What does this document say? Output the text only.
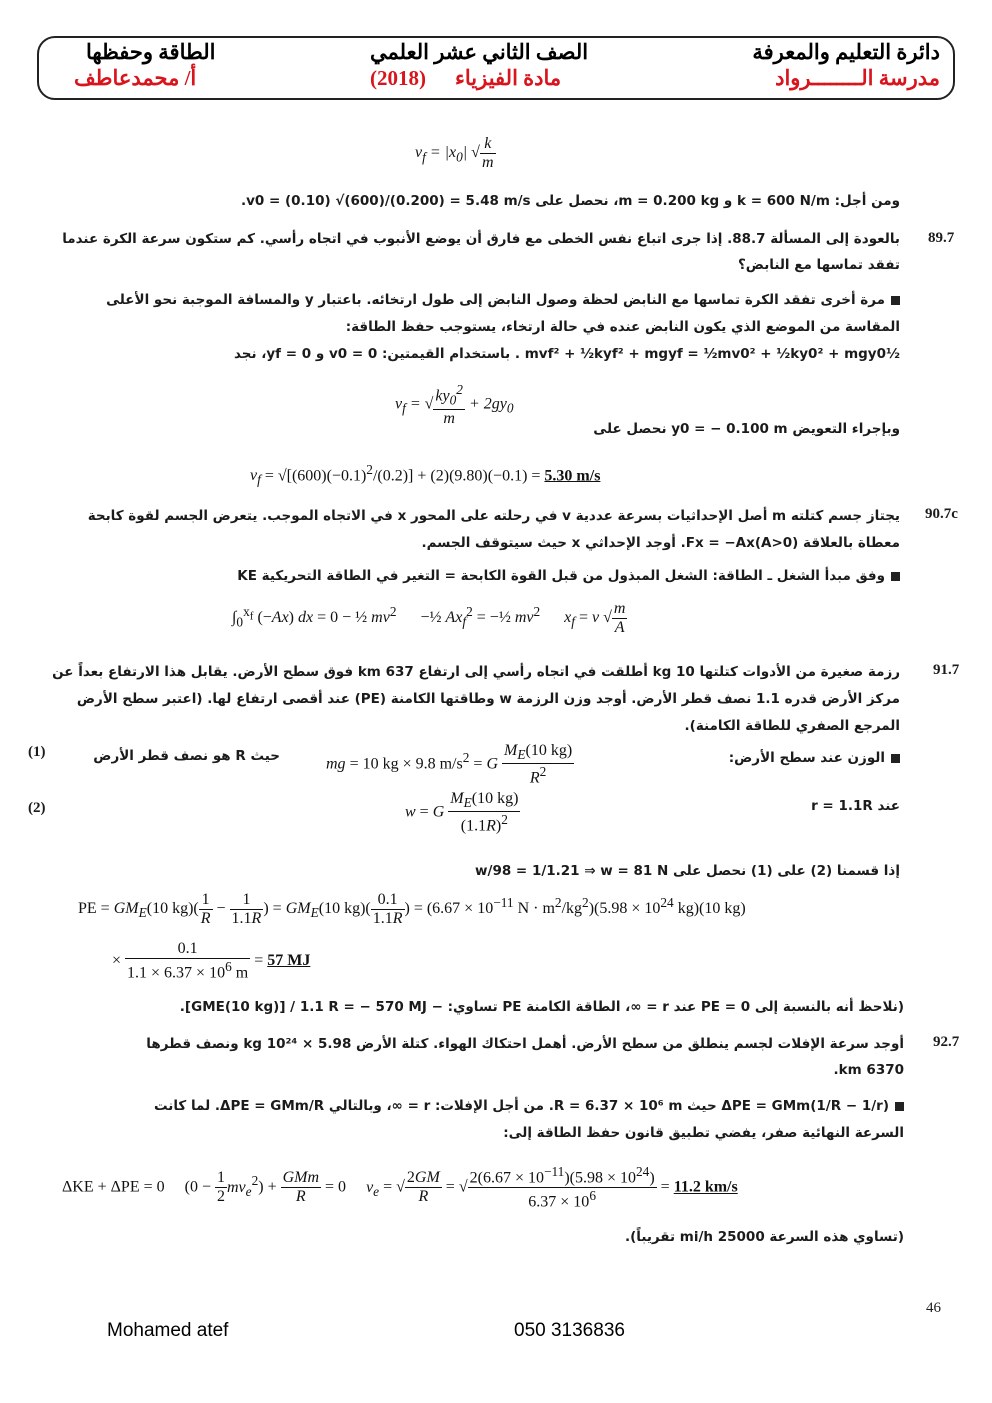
دائرة التعليم والمعرفة
مدرسة الــــــــرواد
الصف الثاني عشر العلمي
مادة الفيزياء
(2018)
الطاقة وحفظها
أ/ محمدعاطف
$v_f = |x_0|$ √ $\frac{k}{m}$
ومن أجل: k = 600 N/m و m = 0.200 kg، نحصل على v0 = (0.10) √(600)/(0.200) = 5.48 m/s.
89.7
بالعودة إلى المسألة 88.7. إذا جرى اتباع نفس الخطى مع فارق أن يوضع الأنبوب في اتجاه رأسي. كم ستكون سرعة الكرة عندما
تفقد تماسها مع النابض؟
مرة أخرى تفقد الكرة تماسها مع النابض لحظة وصول النابض إلى طول ارتخائه. باعتبار y والمسافة الموجبة نحو الأعلى
المقاسة من الموضع الذي يكون النابض عنده في حالة ارتخاء، يستوجب حفظ الطاقة:
½mvf² + ½kyf² + mgyf = ½mv0² + ½ky0² + mgy0 . باستخدام القيمتين: v0 = 0 و yf = 0، نجد
$v_f$ = √ $\frac{ky_0^2}{m} + 2gy_0$
وبإجراء التعويض y0 = − 0.100 m نحصل على
$v_f = √[(600)(-0.1)^2/(0.2)] + (2)(9.80)(-0.1) = 5.30$ m/s
90.7c
يجتاز جسم كتلته m أصل الإحداثيات بسرعة عددية v في رحلته على المحور x في الاتجاه الموجب. يتعرض الجسم لقوة كابحة
معطاة بالعلاقة Fx = −Ax(A>0). أوجد الإحداثي x حيث سيتوقف الجسم.
وفق مبدأ الشغل ـ الطاقة: الشغل المبذول من قبل القوة الكابحة = التغير في الطاقة التحريكية KE
$\int_0^{x_f}$ (−Ax) dx = 0 − ½ $mv^2$      −½ $Ax_f^2$ = −½ $mv^2$ $x_f = v$ √ $\frac{m}{A}$
91.7
رزمة صغيرة من الأدوات كتلتها 10 kg أطلقت في اتجاه رأسي إلى ارتفاع 637 km فوق سطح الأرض. يقابل هذا الارتفاع بعداً عن
مركز الأرض قدره 1.1 نصف قطر الأرض. أوجد وزن الرزمة w وطاقتها الكامنة (PE) عند أقصى ارتفاع لها. (اعتبر سطح الأرض
المرجع الصفري للطاقة الكامنة).
الوزن عند سطح الأرض:
mg = 10 kg × 9.8 $m/s^2 = G \frac{M_E(10 kg)}{R^2}$
حيث R هو نصف قطر الأرض
(1)
عند r = 1.1R
w = G $\frac{M_E(10 kg)}{(1.1R)^2}$
(2)
إذا قسمنا (2) على (1) نحصل على w/98 = 1/1.21 ⇒ w = 81 N
PE = $GM_E(10$ $kg)( \frac{1}{R} - \frac{1}{1.1R}$ ) = $GM_E(10$ $kg)( \frac{0.1}{1.1R}$ ) = ($6.67 \times 10^{-11}$ $N \cdot m^2/kg^2)(5.98 \times 10^{24}$ kg)(10 kg)
× $\frac{0.1}{1.1 \times 6.37 \times 10^6 m} = 57$ MJ
(نلاحظ أنه بالنسبة إلى PE = 0 عند r = ∞، الطاقة الكامنة PE تساوي: − GME(10 kg)] / 1.1 R = − 570 MJ].
92.7
أوجد سرعة الإفلات لجسم ينطلق من سطح الأرض. أهمل احتكاك الهواء. كتلة الأرض 5.98 × 10²⁴ kg ونصف قطرها
6370 km.
ΔPE = GMm(1/R − 1/r) حيث R = 6.37 × 10⁶ m. من أجل الإفلات: r = ∞، وبالتالي ΔPE = GMm/R. لما كانت
السرعة النهائية صفر، يفضي تطبيق قانون حفظ الطاقة إلى:
ΔKE + ΔPE = 0     $(0 - \frac{1}{2} mv_e^2) + \frac{\text{GMm}}{R} = 0$     $v_e$ = √ $\frac{2GM}{R}$ = √ $\frac{2(6.67 \times 10^{-11})(5.98 \times 10^{24})}{6.37 \times 10^6} = 11.2$ km/s
(تساوي هذه السرعة 25000 mi/h تقريباً).
46
Mohamed atef	050 3136836
